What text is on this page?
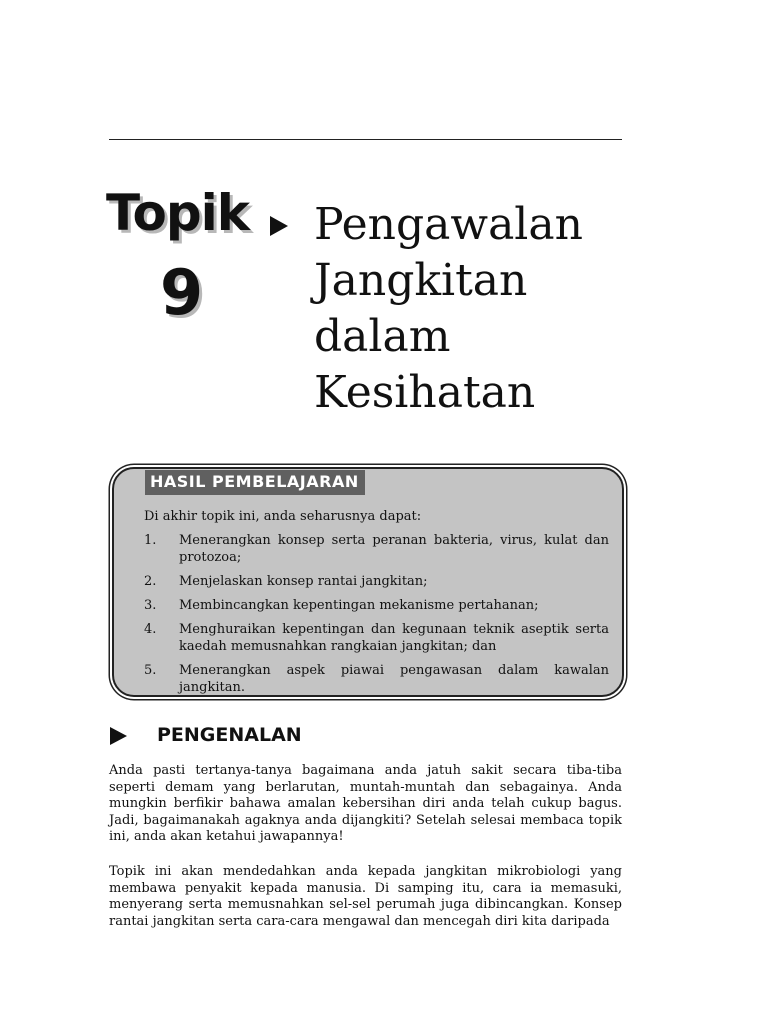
Topik
9
Pengawalan
Jangkitan
dalam
Kesihatan
HASIL PEMBELAJARAN
Di akhir topik ini, anda seharusnya dapat:
1.	Menerangkan konsep serta peranan bakteria, virus, kulat dan protozoa;
2.	Menjelaskan konsep rantai jangkitan;
3.	Membincangkan kepentingan mekanisme pertahanan;
4.	Menghuraikan kepentingan dan kegunaan teknik aseptik serta kaedah memusnahkan rangkaian jangkitan; dan
5.	Menerangkan aspek piawai pengawasan dalam kawalan jangkitan.
PENGENALAN

Anda pasti tertanya-tanya bagaimana anda jatuh sakit secara tiba-tiba seperti demam yang berlarutan, muntah-muntah dan sebagainya. Anda mungkin berfikir bahawa amalan kebersihan diri anda telah cukup bagus. Jadi, bagaimanakah agaknya anda dijangkiti? Setelah selesai membaca topik ini, anda akan ketahui jawapannya!

Topik ini akan mendedahkan anda kepada jangkitan mikrobiologi yang membawa penyakit kepada manusia. Di samping itu, cara ia memasuki, menyerang serta memusnahkan sel-sel perumah juga dibincangkan. Konsep rantai jangkitan serta cara-cara mengawal dan mencegah diri kita daripada
